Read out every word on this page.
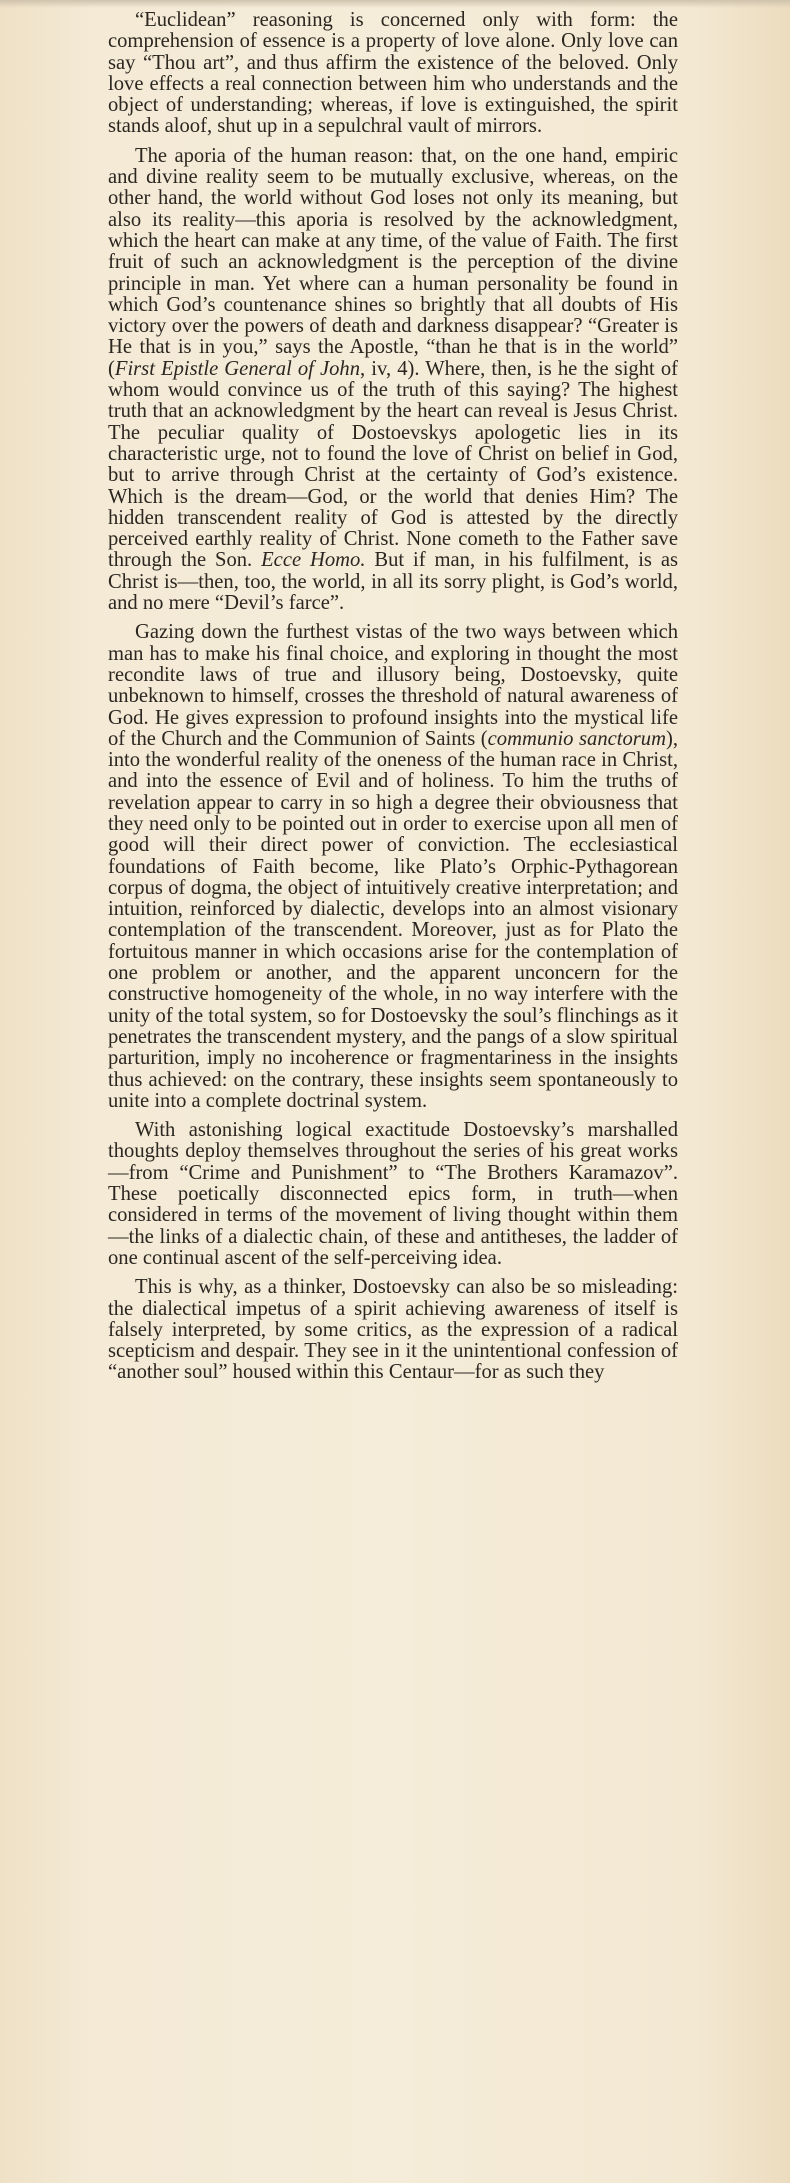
“Euclidean” reasoning is concerned only with form: the comprehension of essence is a property of love alone. Only love can say “Thou art”, and thus affirm the existence of the beloved. Only love effects a real connection between him who understands and the object of understanding; whereas, if love is extinguished, the spirit stands aloof, shut up in a sepulchral vault of mirrors.

The aporia of the human reason: that, on the one hand, empiric and divine reality seem to be mutually exclusive, whereas, on the other hand, the world without God loses not only its meaning, but also its reality—this aporia is resolved by the acknowledgment, which the heart can make at any time, of the value of Faith. The first fruit of such an acknowledgment is the perception of the divine principle in man. Yet where can a human personality be found in which God’s countenance shines so brightly that all doubts of His victory over the powers of death and darkness disappear? “Greater is He that is in you,” says the Apostle, “than he that is in the world” (First Epistle General of John, iv, 4). Where, then, is he the sight of whom would convince us of the truth of this saying? The highest truth that an acknowledgment by the heart can reveal is Jesus Christ. The peculiar quality of Dostoevskys apologetic lies in its characteristic urge, not to found the love of Christ on belief in God, but to arrive through Christ at the certainty of God’s existence. Which is the dream—God, or the world that denies Him? The hidden transcendent reality of God is attested by the directly perceived earthly reality of Christ. None cometh to the Father save through the Son. Ecce Homo. But if man, in his fulfilment, is as Christ is—then, too, the world, in all its sorry plight, is God’s world, and no mere “Devil’s farce”.

Gazing down the furthest vistas of the two ways between which man has to make his final choice, and exploring in thought the most recondite laws of true and illusory being, Dostoevsky, quite unbeknown to himself, crosses the threshold of natural awareness of God. He gives expression to profound insights into the mystical life of the Church and the Communion of Saints (communio sanctorum), into the wonderful reality of the oneness of the human race in Christ, and into the essence of Evil and of holiness. To him the truths of revelation appear to carry in so high a degree their obviousness that they need only to be pointed out in order to exercise upon all men of good will their direct power of conviction. The ecclesiastical foundations of Faith become, like Plato’s Orphic-Pythagorean corpus of dogma, the object of intuitively creative interpretation; and intuition, reinforced by dialectic, develops into an almost visionary contemplation of the transcendent. Moreover, just as for Plato the fortuitous manner in which occasions arise for the contemplation of one problem or another, and the apparent unconcern for the constructive homogeneity of the whole, in no way interfere with the unity of the total system, so for Dostoevsky the soul’s flinchings as it penetrates the transcendent mystery, and the pangs of a slow spiritual parturition, imply no incoherence or fragmentariness in the insights thus achieved: on the contrary, these insights seem spontaneously to unite into a complete doctrinal system.

With astonishing logical exactitude Dostoevsky’s marshalled thoughts deploy themselves throughout the series of his great works—from “Crime and Punishment” to “The Brothers Karamazov”. These poetically disconnected epics form, in truth—when considered in terms of the movement of living thought within them—the links of a dialectic chain, of these and antitheses, the ladder of one continual ascent of the self-perceiving idea.

This is why, as a thinker, Dostoevsky can also be so misleading: the dialectical impetus of a spirit achieving awareness of itself is falsely interpreted, by some critics, as the expression of a radical scepticism and despair. They see in it the unintentional confession of “another soul” housed within this Centaur—for as such they
